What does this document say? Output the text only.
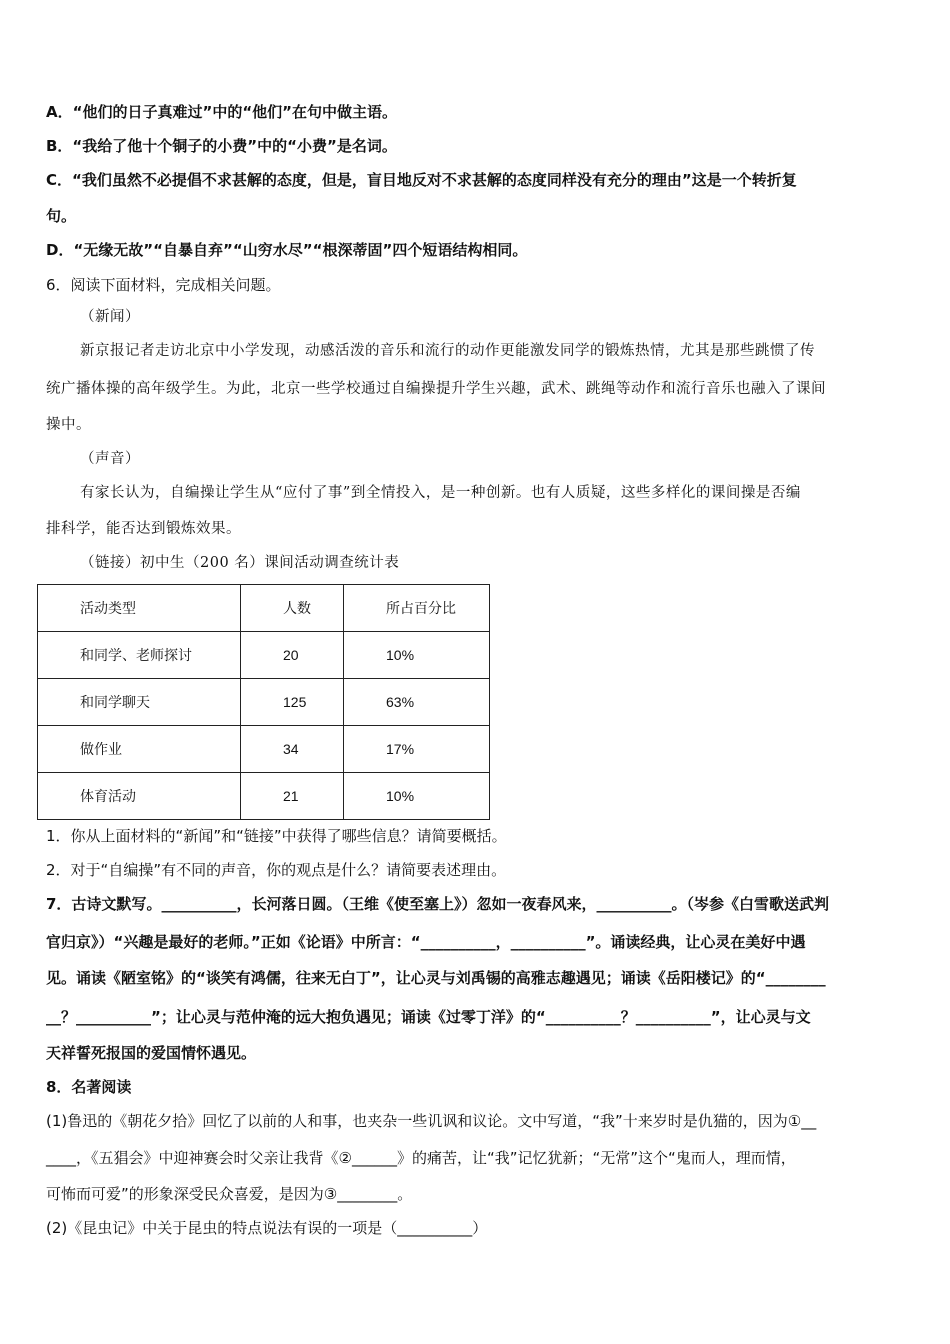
A．“他们的日子真难过”中的“他们”在句中做主语。
B．“我给了他十个铜子的小费”中的“小费”是名词。
C．“我们虽然不必提倡不求甚解的态度，但是，盲目地反对不求甚解的态度同样没有充分的理由”这是一个转折复
句。
D．“无缘无故”“自暴自弃”“山穷水尽”“根深蒂固”四个短语结构相同。
6．阅读下面材料，完成相关问题。
（新闻）
新京报记者走访北京中小学发现，动感活泼的音乐和流行的动作更能激发同学的锻炼热情，尤其是那些跳惯了传
统广播体操的高年级学生。为此，北京一些学校通过自编操提升学生兴趣，武术、跳绳等动作和流行音乐也融入了课间
操中。
（声音）
有家长认为，自编操让学生从“应付了事”到全情投入，是一种创新。也有人质疑，这些多样化的课间操是否编
排科学，能否达到锻炼效果。
（链接）初中生（200 名）课间活动调查统计表
活动类型	人数	所占百分比
和同学、老师探讨	20	10%
和同学聊天	125	63%
做作业	34	17%
体育活动	21	10%
1．你从上面材料的“新闻”和“链接”中获得了哪些信息？请简要概括。
2．对于“自编操”有不同的声音，你的观点是什么？请简要表述理由。
7．古诗文默写。__________，长河落日圆。（王维《使至塞上》）忽如一夜春风来，__________。（岑参《白雪歌送武判
官归京》）“兴趣是最好的老师。”正如《论语》中所言：“__________，__________”。诵读经典，让心灵在美好中遇
见。诵读《陋室铭》的“谈笑有鸿儒，往来无白丁”，让心灵与刘禹锡的高雅志趣遇见；诵读《岳阳楼记》的“________
__？__________”；让心灵与范仲淹的远大抱负遇见；诵读《过零丁洋》的“__________？__________”，让心灵与文
天祥誓死报国的爱国情怀遇见。
8．名著阅读
(1)鲁迅的《朝花夕拾》回忆了以前的人和事，也夹杂一些讥讽和议论。文中写道，“我”十来岁时是仇猫的，因为①__
____，《五猖会》中迎神赛会时父亲让我背《②______》的痛苦，让“我”记忆犹新；“无常”这个“鬼而人，理而情，
可怖而可爱”的形象深受民众喜爱，是因为③________。
(2)《昆虫记》中关于昆虫的特点说法有误的一项是（__________）
